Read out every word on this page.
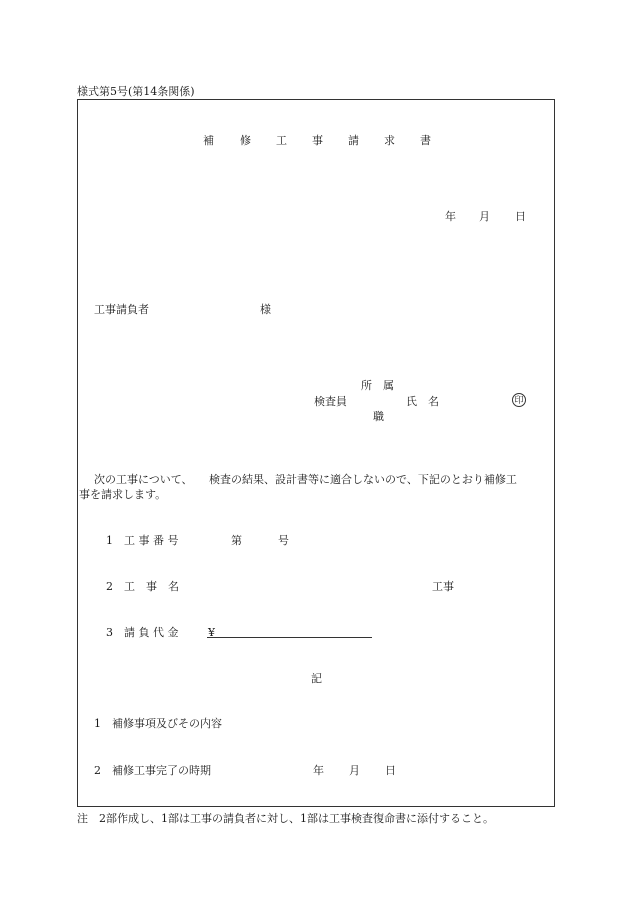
様式第5号(第14条関係)
補 修 工 事 請 求 書
年 月 日
工事請負者	様
所　属
検査員
職
氏　名	印
次の工事について、　　検査の結果、設計書等に適合しないので、下記のとおり補修工
事を請求します。
1 工 事 番 号	第	号
2 工　事　名	工事
3 請 負 代 金	¥
記
1 補修事項及びその内容
2 補修工事完了の時期	年 月 日
注　2部作成し、1部は工事の請負者に対し、1部は工事検査復命書に添付すること。
